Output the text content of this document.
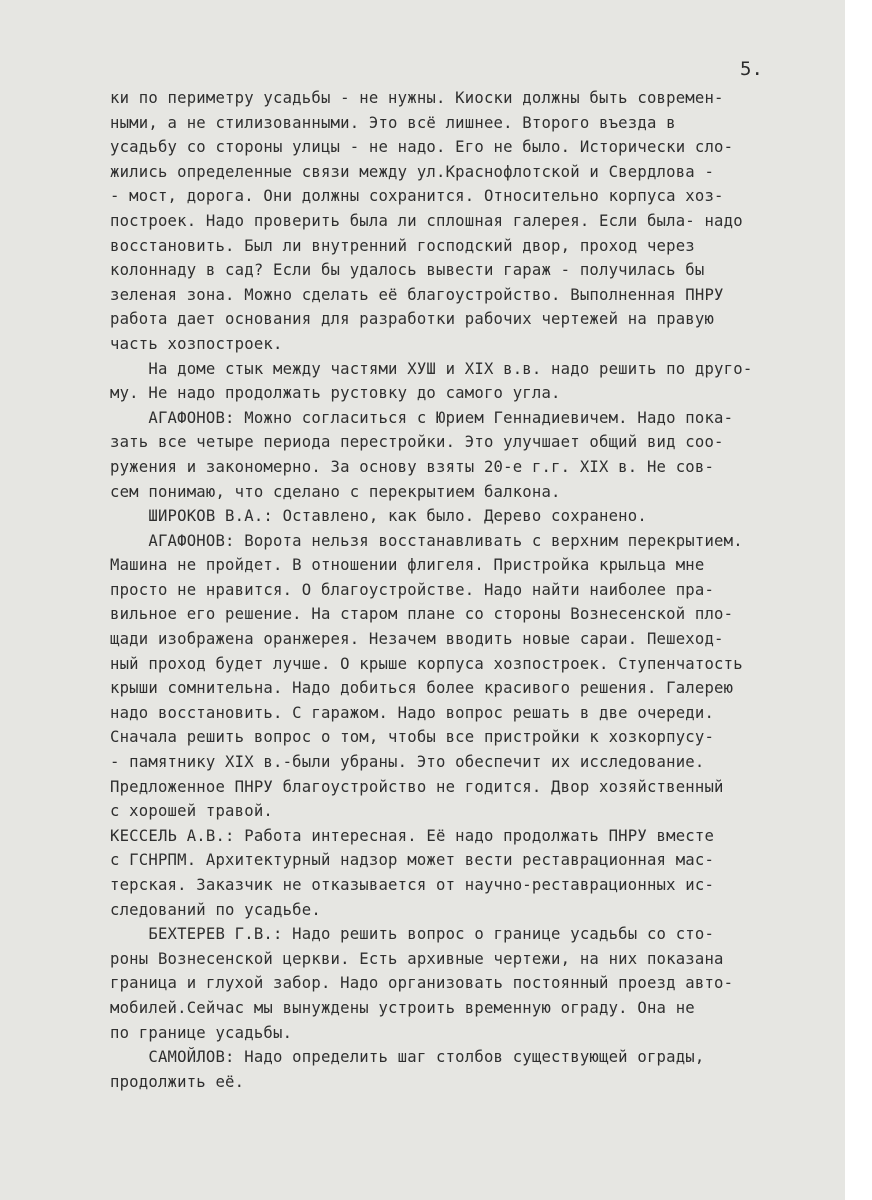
5.
ки по периметру усадьбы - не нужны. Киоски должны быть современ-
ными, а не стилизованными. Это всё лишнее. Второго въезда в
усадьбу со стороны улицы - не надо. Его не было. Исторически сло-
жились определенные связи между ул.Краснофлотской и Свердлова -
- мост, дорога. Они должны сохранится. Относительно корпуса хоз-
построек. Надо проверить была ли сплошная галерея. Если была- надо
восстановить. Был ли внутренний господский двор, проход через
колоннаду в сад? Если бы удалось вывести гараж - получилась бы
зеленая зона. Можно сделать её благоустройство. Выполненная ПНРУ
работа дает основания для разработки рабочих чертежей на правую
часть хозпостроек.
На доме стык между частями ХУШ и XIX в.в. надо решить по друго-
му. Не надо продолжать рустовку до самого угла.
АГАФОНОВ: Можно согласиться с Юрием Геннадиевичем. Надо пока-
зать все четыре периода перестройки. Это улучшает общий вид соо-
ружения и закономерно. За основу взяты 20-е г.г. XIX в. Не сов-
сем понимаю, что сделано с перекрытием балкона.
ШИРОКОВ В.А.: Оставлено, как было. Дерево сохранено.
АГАФОНОВ: Ворота нельзя восстанавливать с верхним перекрытием.
Машина не пройдет. В отношении флигеля. Пристройка крыльца мне
просто не нравится. О благоустройстве. Надо найти наиболее пра-
вильное его решение. На старом плане со стороны Вознесенской пло-
щади изображена оранжерея. Незачем вводить новые сараи. Пешеход-
ный проход будет лучше. О крыше корпуса хозпостроек. Ступенчатость
крыши сомнительна. Надо добиться более красивого решения. Галерею
надо восстановить. С гаражом. Надо вопрос решать в две очереди.
Сначала решить вопрос о том, чтобы все пристройки к хозкорпусу-
- памятнику XIX в.-были убраны. Это обеспечит их исследование.
Предложенное ПНРУ благоустройство не годится. Двор хозяйственный
с хорошей травой.
КЕССЕЛЬ А.В.: Работа интересная. Её надо продолжать ПНРУ вместе
с ГСНРПМ. Архитектурный надзор может вести реставрационная мас-
терская. Заказчик не отказывается от научно-реставрационных ис-
следований по усадьбе.
БЕХТЕРЕВ Г.В.: Надо решить вопрос о границе усадьбы со сто-
роны Вознесенской церкви. Есть архивные чертежи, на них показана
граница и глухой забор. Надо организовать постоянный проезд авто-
мобилей.Сейчас мы вынуждены устроить временную ограду. Она не
по границе усадьбы.
САМОЙЛОВ: Надо определить шаг столбов существующей ограды,
продолжить её.
